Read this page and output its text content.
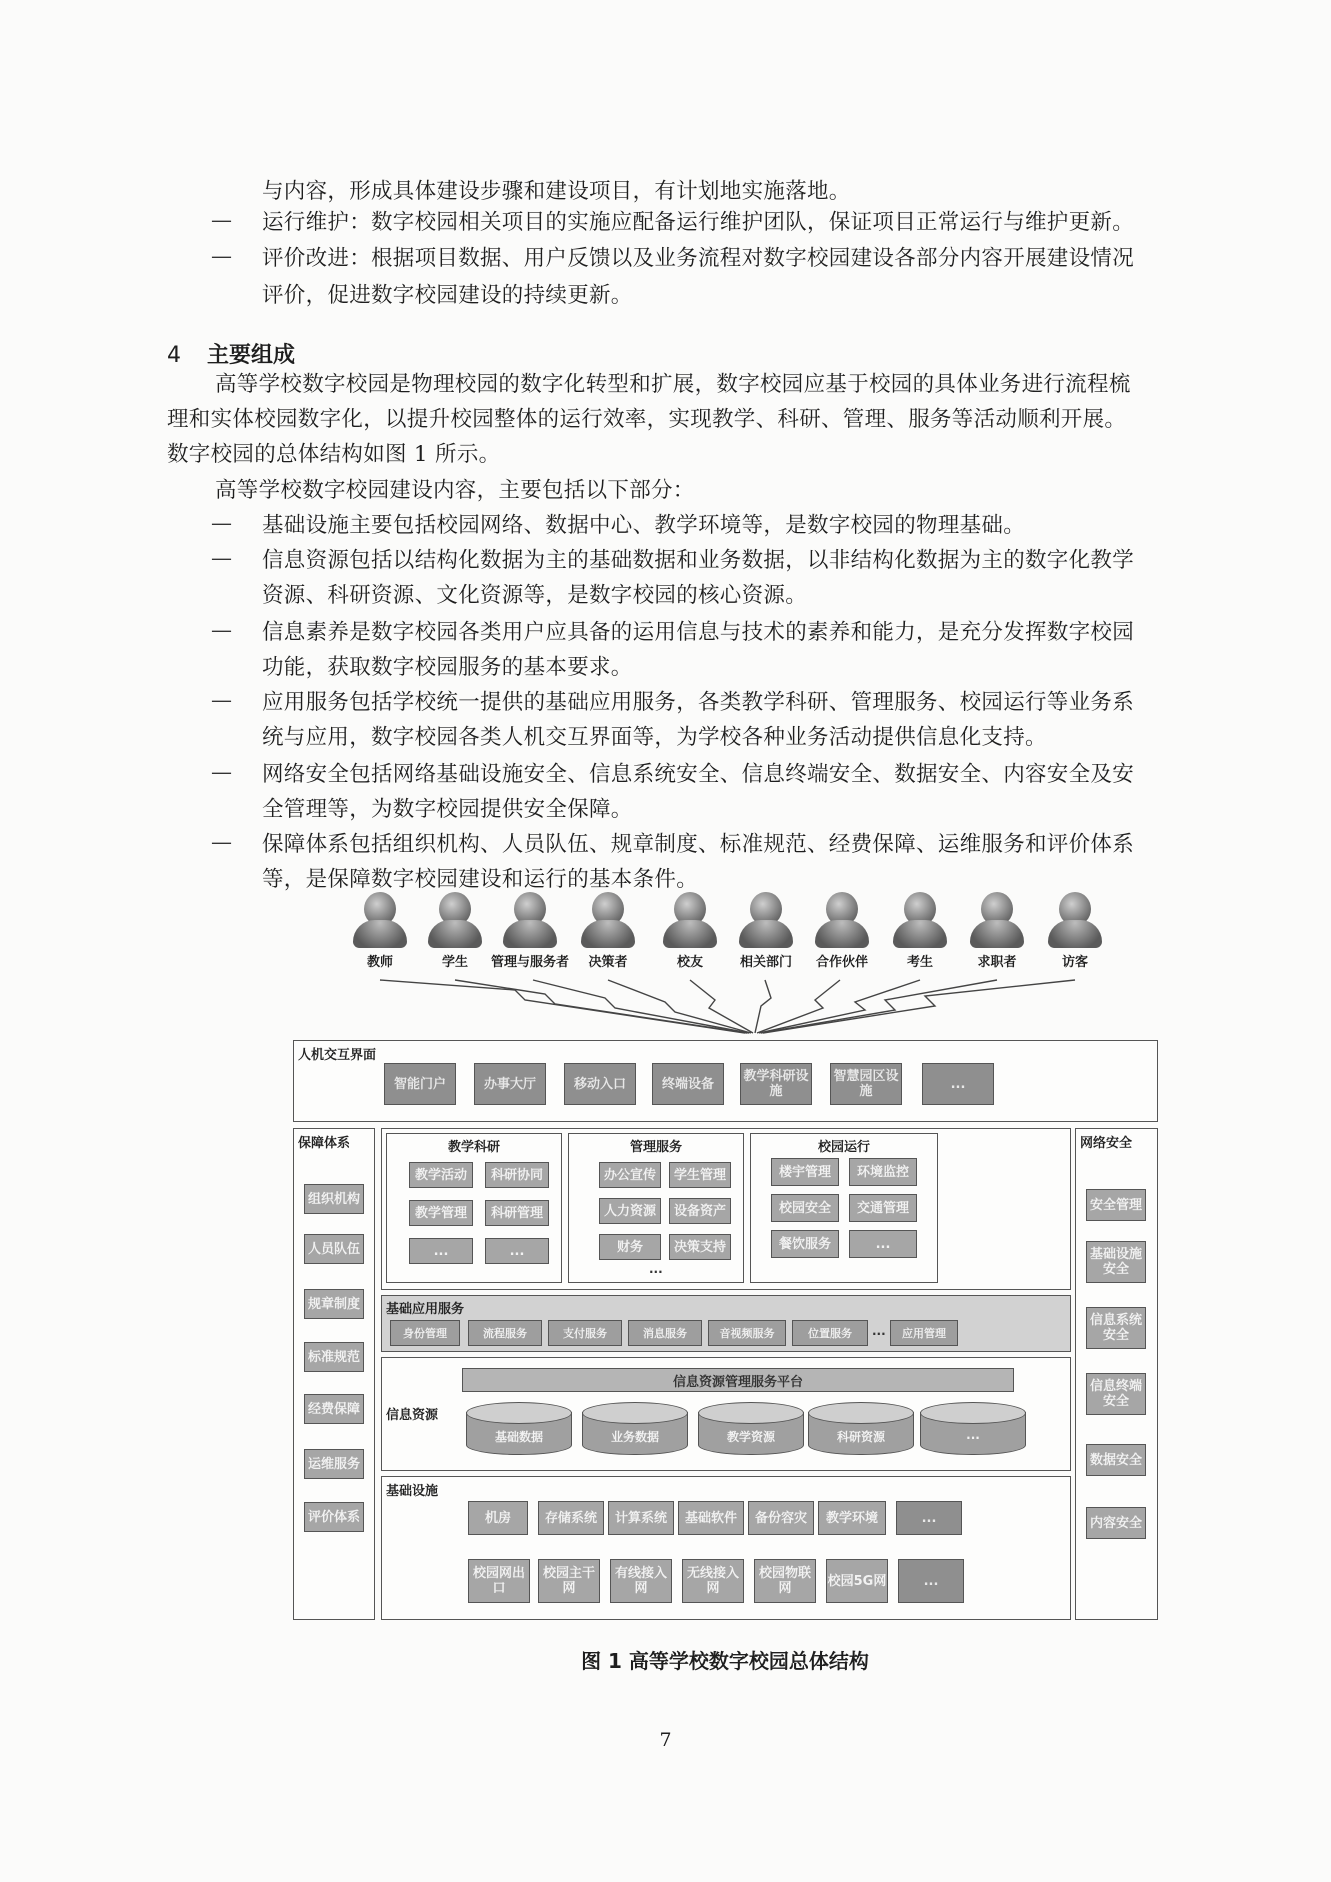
与内容，形成具体建设步骤和建设项目，有计划地实施落地。
— 运行维护：数字校园相关项目的实施应配备运行维护团队，保证项目正常运行与维护更新。
— 评价改进：根据项目数据、用户反馈以及业务流程对数字校园建设各部分内容开展建设情况
评价，促进数字校园建设的持续更新。
4 主要组成
高等学校数字校园是物理校园的数字化转型和扩展，数字校园应基于校园的具体业务进行流程梳
理和实体校园数字化，以提升校园整体的运行效率，实现教学、科研、管理、服务等活动顺利开展。
数字校园的总体结构如图 1 所示。
高等学校数字校园建设内容，主要包括以下部分：
— 基础设施主要包括校园网络、数据中心、教学环境等，是数字校园的物理基础。
— 信息资源包括以结构化数据为主的基础数据和业务数据，以非结构化数据为主的数字化教学
资源、科研资源、文化资源等，是数字校园的核心资源。
— 信息素养是数字校园各类用户应具备的运用信息与技术的素养和能力，是充分发挥数字校园
功能，获取数字校园服务的基本要求。
— 应用服务包括学校统一提供的基础应用服务，各类教学科研、管理服务、校园运行等业务系
统与应用，数字校园各类人机交互界面等，为学校各种业务活动提供信息化支持。
— 网络安全包括网络基础设施安全、信息系统安全、信息终端安全、数据安全、内容安全及安
全管理等，为数字校园提供安全保障。
— 保障体系包括组织机构、人员队伍、规章制度、标准规范、经费保障、运维服务和评价体系
等，是保障数字校园建设和运行的基本条件。
教师	学生	管理与服务者	决策者	校友	相关部门	合作伙伴	考生	求职者	访客
人机交互界面
智能门户	办事大厅	移动入口	终端设备	教学科研设施
智慧园区设施	...
保障体系
组织机构
人员队伍
规章制度
标准规范
经费保障
运维服务
评价体系
网络安全
安全管理
基础设施安全
信息系统安全
信息终端安全
数据安全
内容安全
教学科研
教学活动	科研协同
教学管理	科研管理
...	...
管理服务
办公宣传	学生管理
人力资源	设备资产
财务	决策支持
...
校园运行
楼宇管理	环境监控
校园安全	交通管理
餐饮服务	...
基础应用服务
身份管理	流程服务	支付服务	消息服务	音视频服务	位置服务	...	应用管理
信息资源
信息资源管理服务平台
基础数据	业务数据	教学资源	科研资源	...
基础设施
机房	存储系统	计算系统	基础软件	备份容灾	教学环境	...
校园网出口
校园主干网
有线接入网
无线接入网
校园物联网	校园5G网	...
图 1 高等学校数字校园总体结构
7
